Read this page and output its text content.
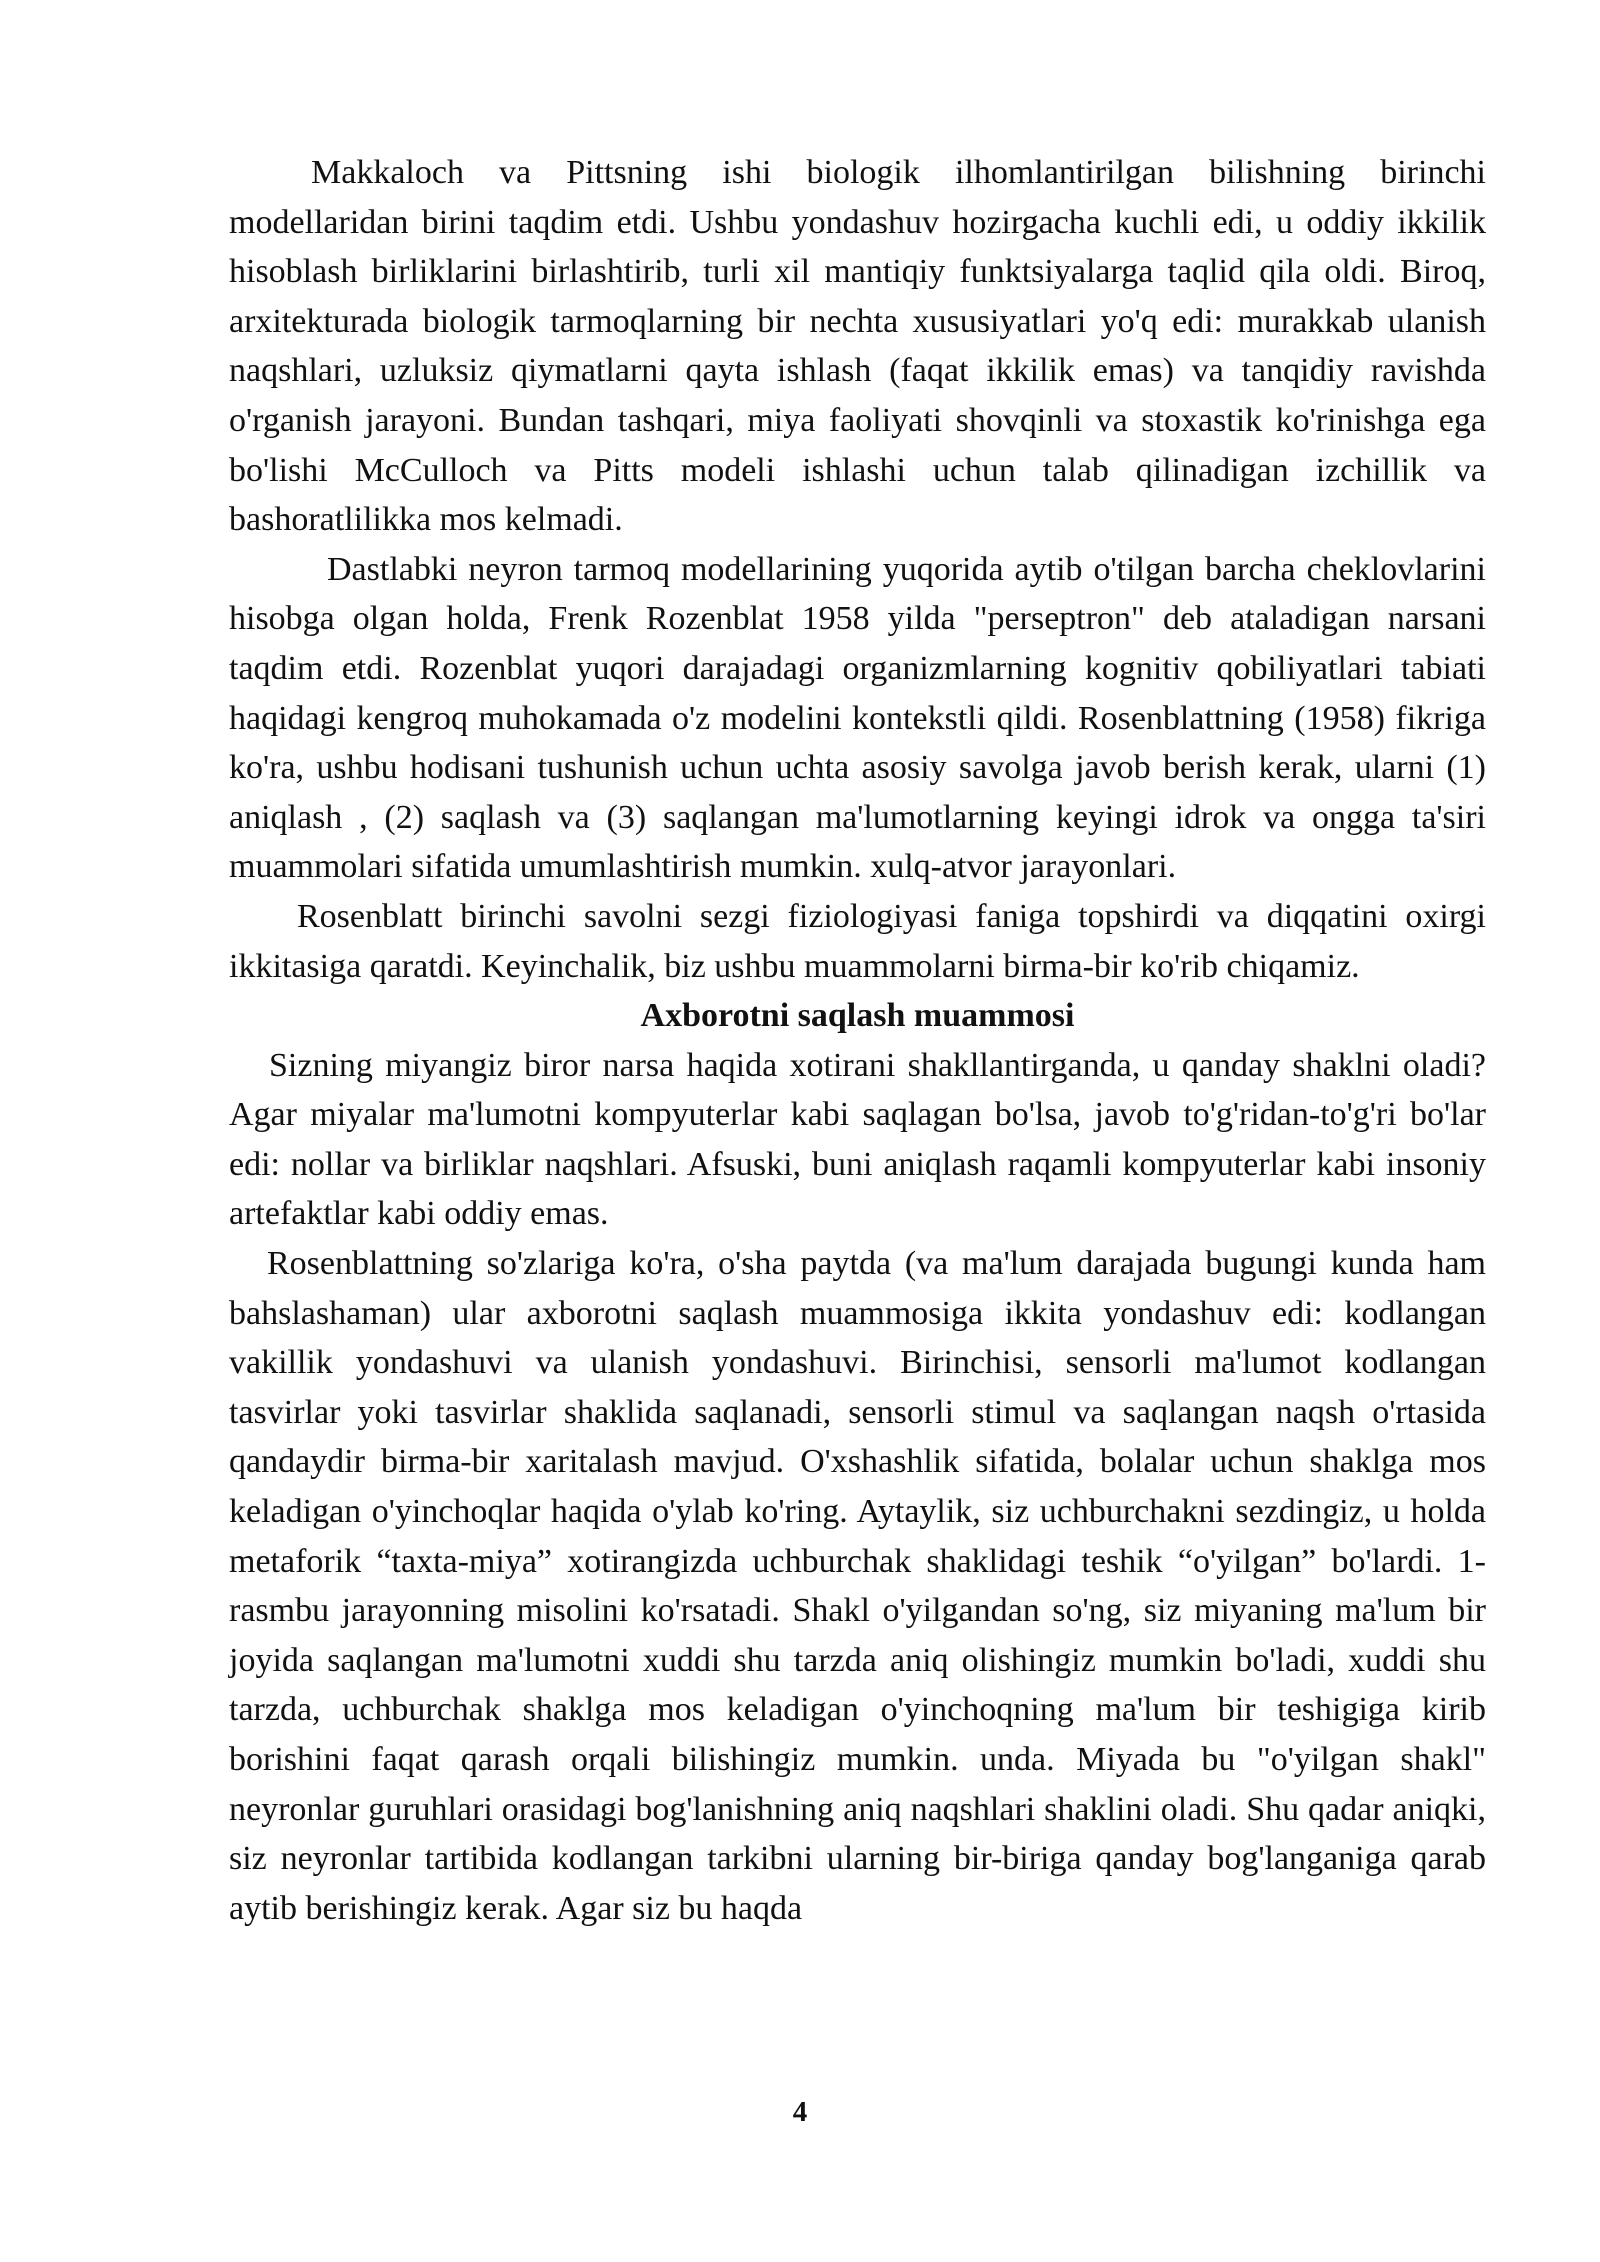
Makkaloch va Pittsning ishi biologik ilhomlantirilgan bilishning birinchi modellaridan birini taqdim etdi. Ushbu yondashuv hozirgacha kuchli edi, u oddiy ikkilik hisoblash birliklarini birlashtirib, turli xil mantiqiy funktsiyalarga taqlid qila oldi. Biroq, arxitekturada biologik tarmoqlarning bir nechta xususiyatlari yo'q edi: murakkab ulanish naqshlari, uzluksiz qiymatlarni qayta ishlash (faqat ikkilik emas) va tanqidiy ravishda o'rganish jarayoni. Bundan tashqari, miya faoliyati shovqinli va stoxastik ko'rinishga ega bo'lishi McCulloch va Pitts modeli ishlashi uchun talab qilinadigan izchillik va bashoratlilikka mos kelmadi.

Dastlabki neyron tarmoq modellarining yuqorida aytib o'tilgan barcha cheklovlarini hisobga olgan holda, Frenk Rozenblat 1958 yilda "perseptron" deb ataladigan narsani taqdim etdi. Rozenblat yuqori darajadagi organizmlarning kognitiv qobiliyatlari tabiati haqidagi kengroq muhokamada o'z modelini kontekstli qildi. Rosenblattning (1958) fikriga ko'ra, ushbu hodisani tushunish uchun uchta asosiy savolga javob berish kerak, ularni (1) aniqlash , (2) saqlash va (3) saqlangan ma'lumotlarning keyingi idrok va ongga ta'siri muammolari sifatida umumlashtirish mumkin. xulq-atvor jarayonlari.

Rosenblatt birinchi savolni sezgi fiziologiyasi faniga topshirdi va diqqatini oxirgi ikkitasiga qaratdi. Keyinchalik, biz ushbu muammolarni birma-bir ko'rib chiqamiz.

Axborotni saqlash muammosi

Sizning miyangiz biror narsa haqida xotirani shakllantirganda, u qanday shaklni oladi? Agar miyalar ma'lumotni kompyuterlar kabi saqlagan bo'lsa, javob to'g'ridan-to'g'ri bo'lar edi: nollar va birliklar naqshlari. Afsuski, buni aniqlash raqamli kompyuterlar kabi insoniy artefaktlar kabi oddiy emas.

Rosenblattning so'zlariga ko'ra, o'sha paytda (va ma'lum darajada bugungi kunda ham bahslashaman) ular axborotni saqlash muammosiga ikkita yondashuv edi: kodlangan vakillik yondashuvi va ulanish yondashuvi. Birinchisi, sensorli ma'lumot kodlangan tasvirlar yoki tasvirlar shaklida saqlanadi, sensorli stimul va saqlangan naqsh o'rtasida qandaydir birma-bir xaritalash mavjud. O'xshashlik sifatida, bolalar uchun shaklga mos keladigan o'yinchoqlar haqida o'ylab ko'ring. Aytaylik, siz uchburchakni sezdingiz, u holda metaforik “taxta-miya” xotirangizda uchburchak shaklidagi teshik “o'yilgan” bo'lardi. 1-rasmbu jarayonning misolini ko'rsatadi. Shakl o'yilgandan so'ng, siz miyaning ma'lum bir joyida saqlangan ma'lumotni xuddi shu tarzda aniq olishingiz mumkin bo'ladi, xuddi shu tarzda, uchburchak shaklga mos keladigan o'yinchoqning ma'lum bir teshigiga kirib borishini faqat qarash orqali bilishingiz mumkin. unda. Miyada bu "o'yilgan shakl" neyronlar guruhlari orasidagi bog'lanishning aniq naqshlari shaklini oladi. Shu qadar aniqki, siz neyronlar tartibida kodlangan tarkibni ularning bir-biriga qanday bog'langaniga qarab aytib berishingiz kerak. Agar siz bu haqda

4
